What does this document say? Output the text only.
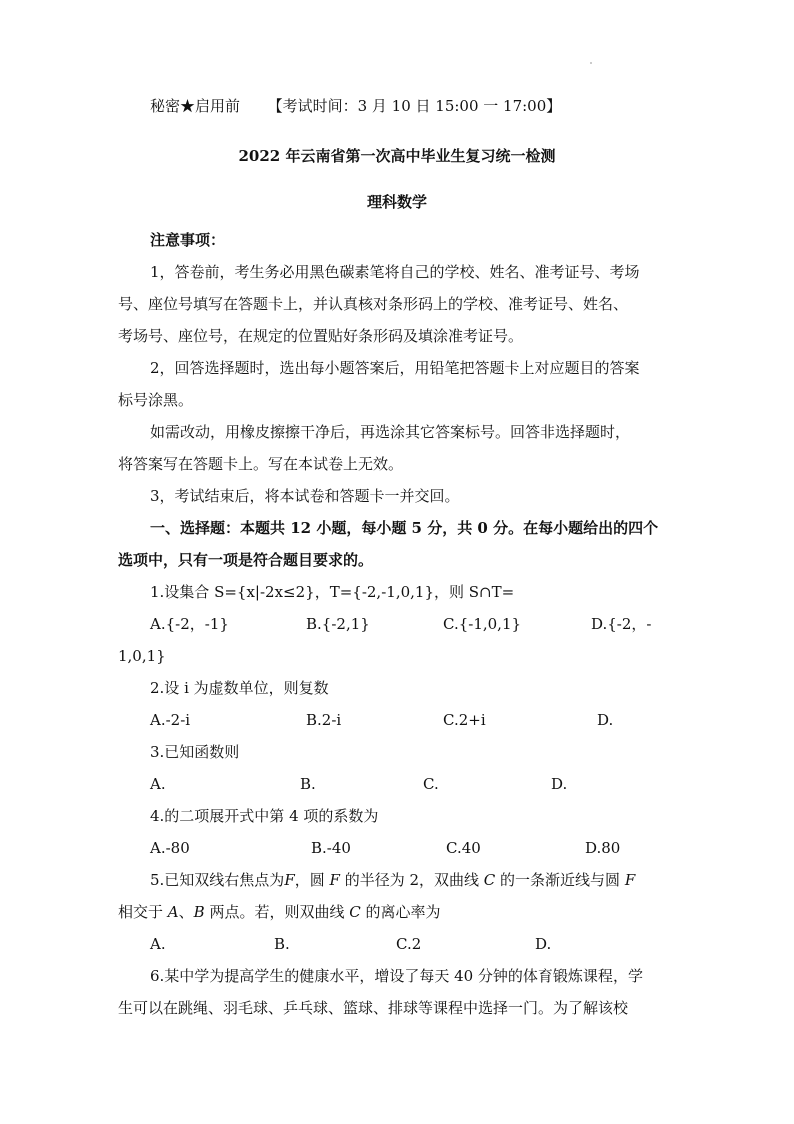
秘密★启用前 【考试时间：3 月 10 日 15:00 一 17:00】
2022 年云南省第一次高中毕业生复习统一检测
理科数学
注意事项：
1，答卷前，考生务必用黑色碳素笔将自己的学校、姓名、准考证号、考场
号、座位号填写在答题卡上，并认真核对条形码上的学校、准考证号、姓名、
考场号、座位号，在规定的位置贴好条形码及填涂准考证号。
2，回答选择题时，选出每小题答案后，用铅笔把答题卡上对应题目的答案
标号涂黑。
如需改动，用橡皮擦擦干净后，再选涂其它答案标号。回答非选择题时，
将答案写在答题卡上。写在本试卷上无效。
3，考试结束后，将本试卷和答题卡一并交回。
一、选择题：本题共 12 小题，每小题 5 分，共 0 分。在每小题给出的四个
选项中，只有一项是符合题目要求的。
1.设集合 S={x|-2x≤2}，T={-2,-1,0,1}，则 S∩T=
A.{-2，-1}	B.{-2,1}	C.{-1,0,1}	D.{-2，-
1,0,1}
2.设 i 为虚数单位，则复数
A.-2-i	B.2-i	C.2+i	D.
3.已知函数则
A.	B.	C.	D.
4.的二项展开式中第 4 项的系数为
A.-80	B.-40	C.40	D.80
5.已知双线右焦点为F，圆 F 的半径为 2，双曲线 C 的一条渐近线与圆 F
相交于 A、B 两点。若，则双曲线 C 的离心率为
A.	B.	C.2	D.
6.某中学为提高学生的健康水平，增设了每天 40 分钟的体育锻炼课程，学
生可以在跳绳、羽毛球、乒乓球、篮球、排球等课程中选择一门。为了解该校
